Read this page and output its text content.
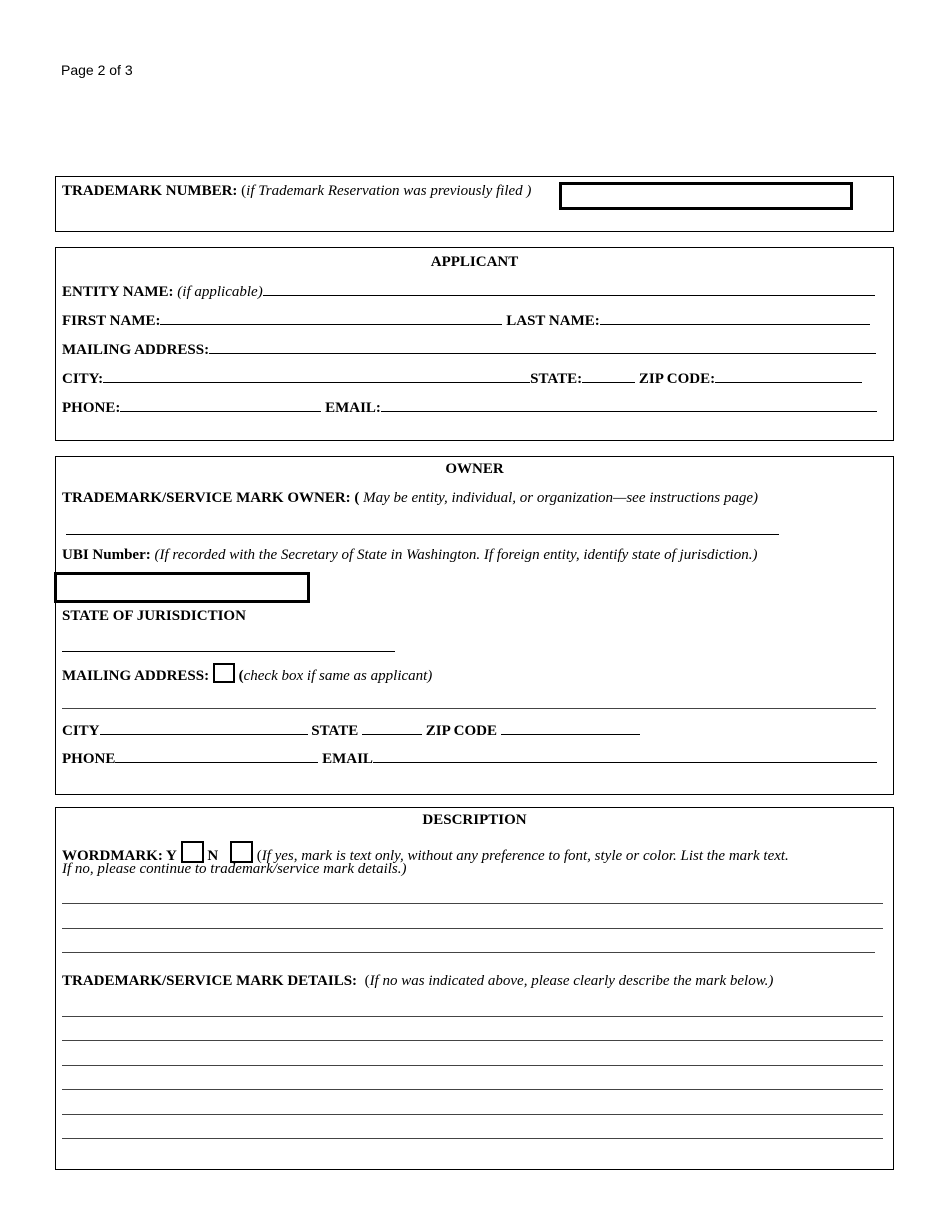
Page 2 of 3
TRADEMARK NUMBER: (if Trademark Reservation was previously filed )
APPLICANT
ENTITY NAME: (if applicable)
FIRST NAME:	LAST NAME:
MAILING ADDRESS:
CITY:	STATE:	ZIP CODE:
PHONE:	EMAIL:
OWNER
TRADEMARK/SERVICE MARK OWNER: ( May be entity, individual, or organization—see instructions page)
UBI Number: (If recorded with the Secretary of State in Washington. If foreign entity, identify state of jurisdiction.)
STATE OF JURISDICTION
MAILING ADDRESS: (check box if same as applicant)
CITY	STATE	ZIP CODE
PHONE	EMAIL
DESCRIPTION
WORDMARK: Y N	(If yes, mark is text only, without any preference to font, style or color. List the mark text.
If no, please continue to trademark/service mark details.)
TRADEMARK/SERVICE MARK DETAILS: (If no was indicated above, please clearly describe the mark below.)
